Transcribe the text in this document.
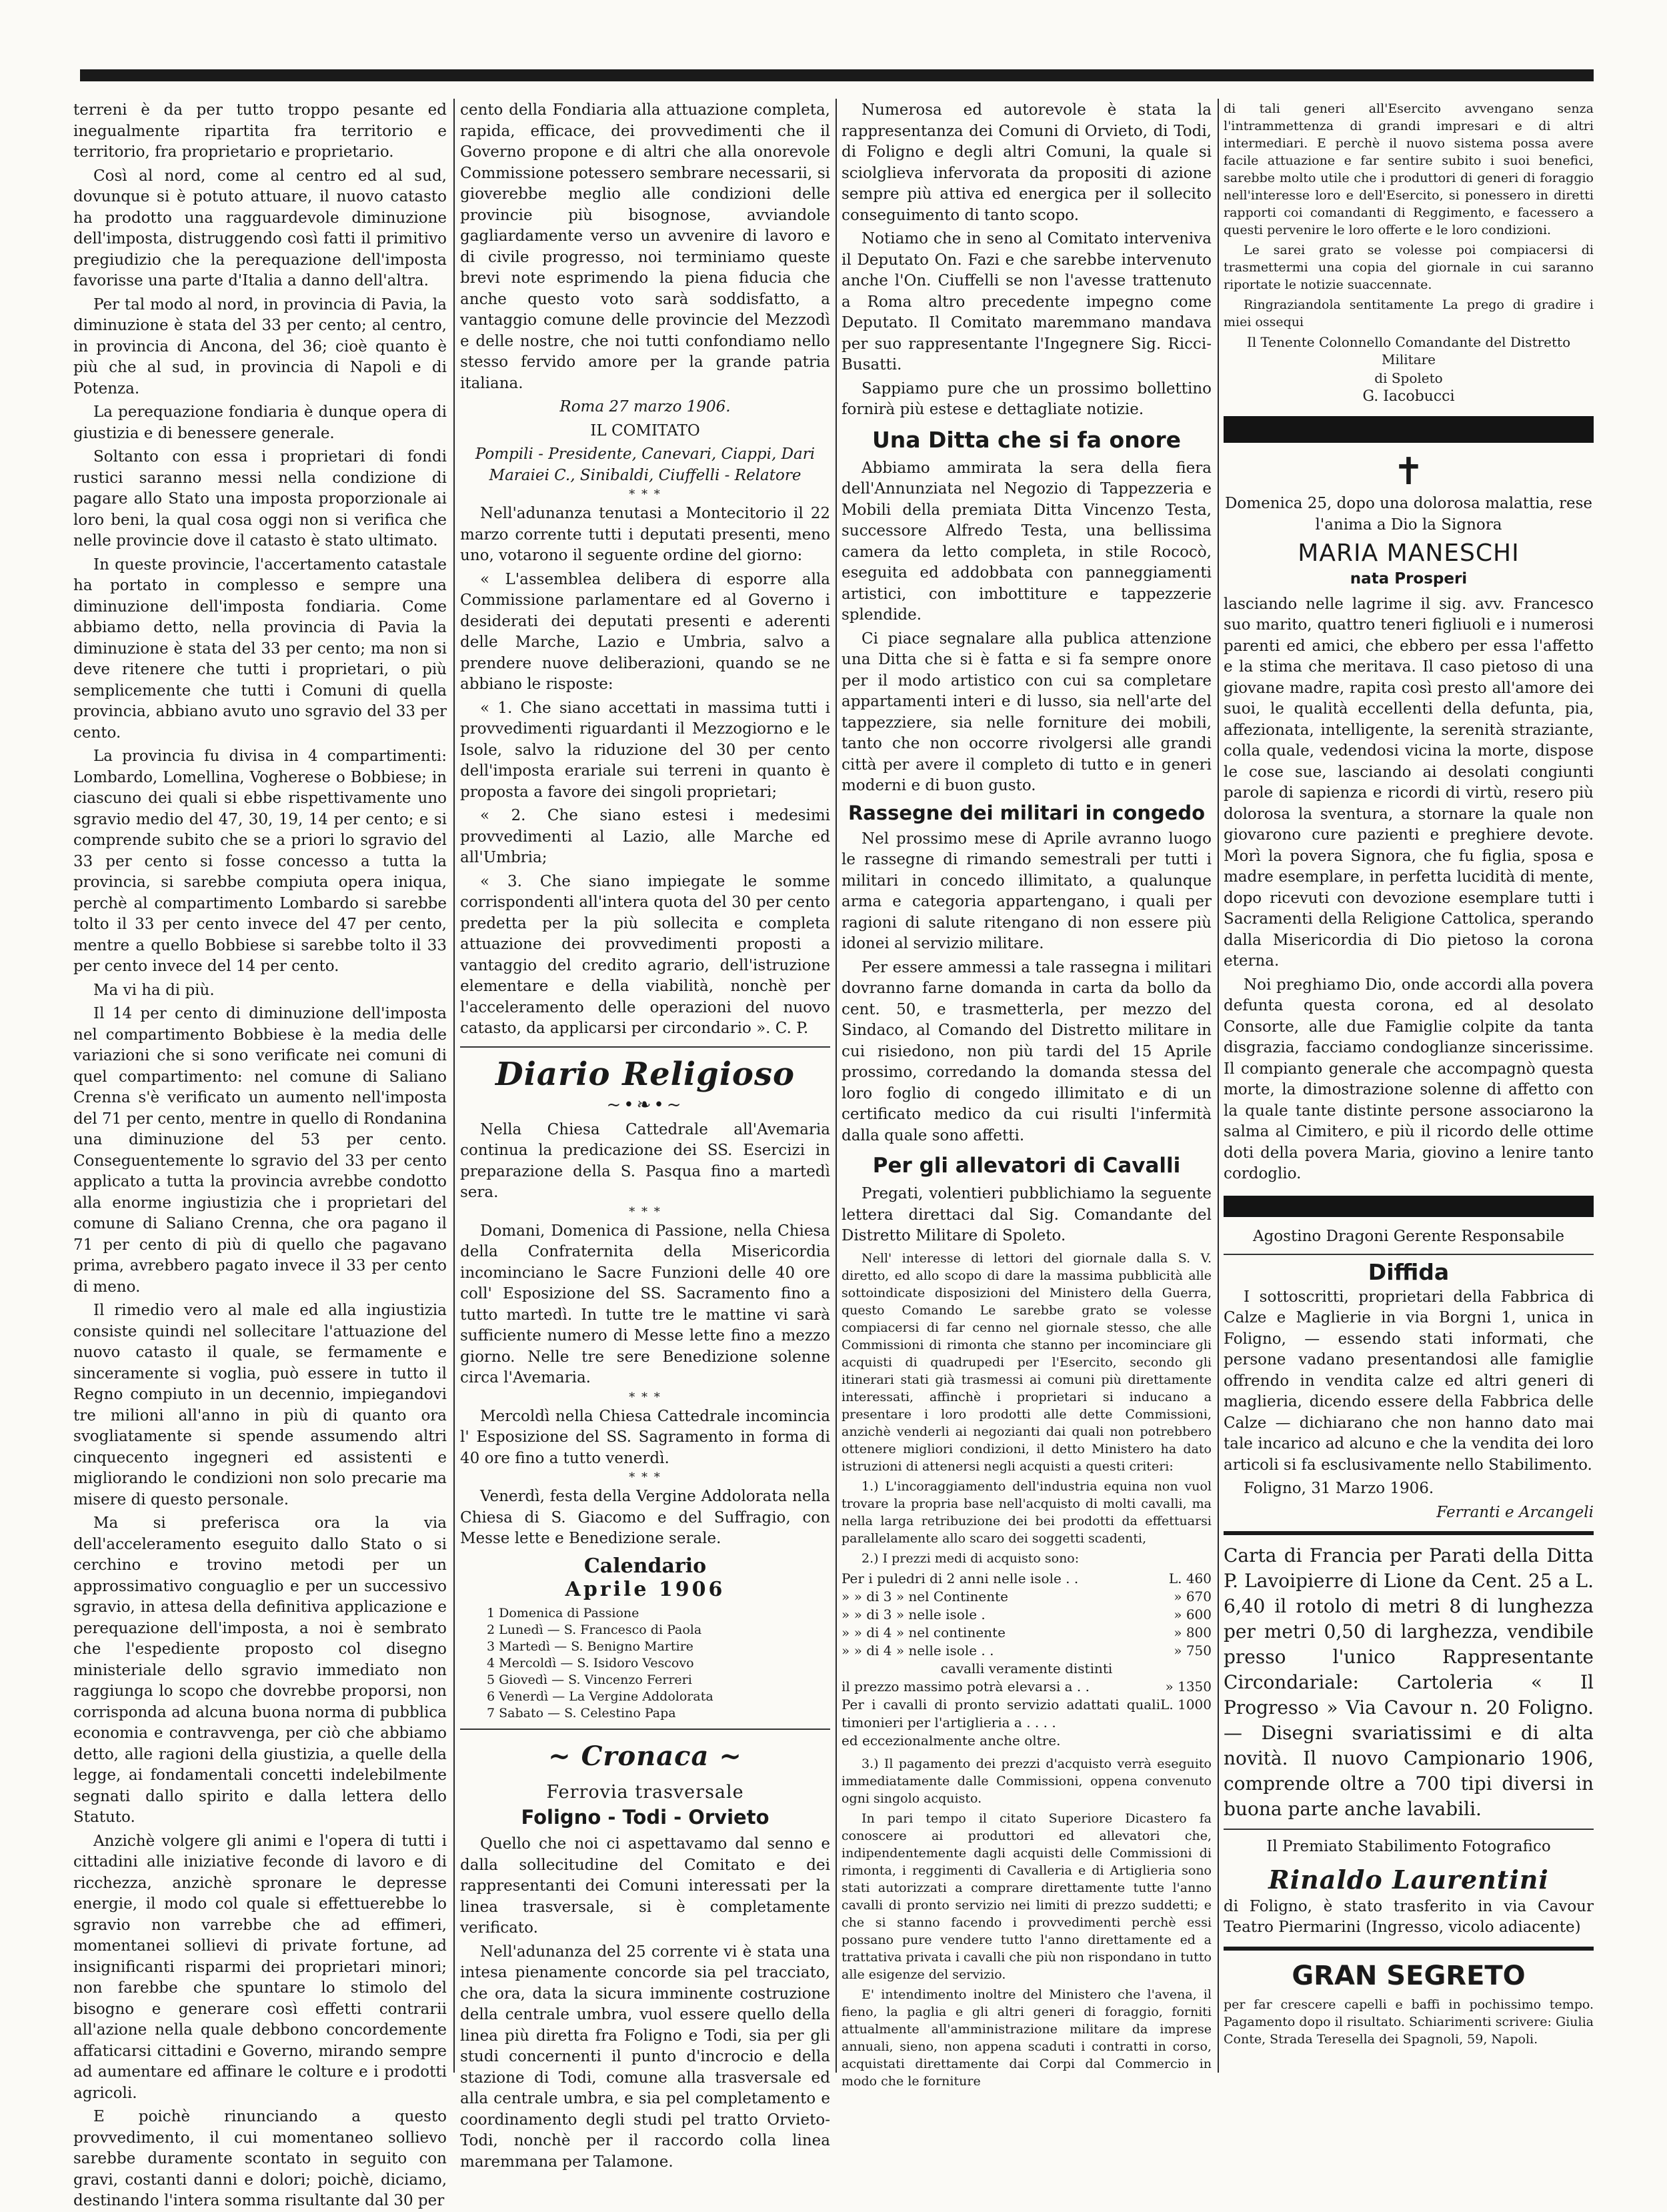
terreni è da per tutto troppo pesante ed inegualmente ripartita fra territorio e territorio, fra proprietario e proprietario.

Così al nord, come al centro ed al sud, dovunque si è potuto attuare, il nuovo catasto ha prodotto una ragguardevole diminuzione dell'imposta, distruggendo così fatti il primitivo pregiudizio che la perequazione dell'imposta favorisse una parte d'Italia a danno dell'altra.

Per tal modo al nord, in provincia di Pavia, la diminuzione è stata del 33 per cento; al centro, in provincia di Ancona, del 36; cioè quanto è più che al sud, in provincia di Napoli e di Potenza.

La perequazione fondiaria è dunque opera di giustizia e di benessere generale.

Soltanto con essa i proprietari di fondi rustici saranno messi nella condizione di pagare allo Stato una imposta proporzionale ai loro beni, la qual cosa oggi non si verifica che nelle provincie dove il catasto è stato ultimato.

In queste provincie, l'accertamento catastale ha portato in complesso e sempre una diminuzione dell'imposta fondiaria. Come abbiamo detto, nella provincia di Pavia la diminuzione è stata del 33 per cento; ma non si deve ritenere che tutti i proprietari, o più semplicemente che tutti i Comuni di quella provincia, abbiano avuto uno sgravio del 33 per cento.

La provincia fu divisa in 4 compartimenti: Lombardo, Lomellina, Vogherese o Bobbiese; in ciascuno dei quali si ebbe rispettivamente uno sgravio medio del 47, 30, 19, 14 per cento; e si comprende subito che se a priori lo sgravio del 33 per cento si fosse concesso a tutta la provincia, si sarebbe compiuta opera iniqua, perchè al compartimento Lombardo si sarebbe tolto il 33 per cento invece del 47 per cento, mentre a quello Bobbiese si sarebbe tolto il 33 per cento invece del 14 per cento.

Ma vi ha di più.

Il 14 per cento di diminuzione dell'imposta nel compartimento Bobbiese è la media delle variazioni che si sono verificate nei comuni di quel compartimento: nel comune di Saliano Crenna s'è verificato un aumento nell'imposta del 71 per cento, mentre in quello di Rondanina una diminuzione del 53 per cento. Conseguentemente lo sgravio del 33 per cento applicato a tutta la provincia avrebbe condotto alla enorme ingiustizia che i proprietari del comune di Saliano Crenna, che ora pagano il 71 per cento di più di quello che pagavano prima, avrebbero pagato invece il 33 per cento di meno.

Il rimedio vero al male ed alla ingiustizia consiste quindi nel sollecitare l'attuazione del nuovo catasto il quale, se fermamente e sinceramente si voglia, può essere in tutto il Regno compiuto in un decennio, impiegandovi tre milioni all'anno in più di quanto ora svogliatamente si spende assumendo altri cinquecento ingegneri ed assistenti e migliorando le condizioni non solo precarie ma misere di questo personale.

Ma si preferisca ora la via dell'acceleramento eseguito dallo Stato o si cerchino e trovino metodi per un approssimativo conguaglio e per un successivo sgravio, in attesa della definitiva applicazione e perequazione dell'imposta, a noi è sembrato che l'espediente proposto col disegno ministeriale dello sgravio immediato non raggiunga lo scopo che dovrebbe proporsi, non corrisponda ad alcuna buona norma di pubblica economia e contravvenga, per ciò che abbiamo detto, alle ragioni della giustizia, a quelle della legge, ai fondamentali concetti indelebilmente segnati dallo spirito e dalla lettera dello Statuto.

Anzichè volgere gli animi e l'opera di tutti i cittadini alle iniziative feconde di lavoro e di ricchezza, anzichè spronare le depresse energie, il modo col quale si effettuerebbe lo sgravio non varrebbe che ad effimeri, momentanei sollievi di private fortune, ad insignificanti risparmi dei proprietari minori; non farebbe che spuntare lo stimolo del bisogno e generare così effetti contrarii all'azione nella quale debbono concordemente affaticarsi cittadini e Governo, mirando sempre ad aumentare ed affinare le colture e i prodotti agricoli.

E poichè rinunciando a questo provvedimento, il cui momentaneo sollievo sarebbe duramente scontato in seguito con gravi, costanti danni e dolori; poichè, diciamo, destinando l'intera somma risultante dal 30 per

cento della Fondiaria alla attuazione completa, rapida, efficace, dei provvedimenti che il Governo propone e di altri che alla onorevole Commissione potessero sembrare necessarii, si gioverebbe meglio alle condizioni delle provincie più bisognose, avviandole gagliardamente verso un avvenire di lavoro e di civile progresso, noi terminiamo queste brevi note esprimendo la piena fiducia che anche questo voto sarà soddisfatto, a vantaggio comune delle provincie del Mezzodì e delle nostre, che noi tutti confondiamo nello stesso fervido amore per la grande patria italiana.

Roma 27 marzo 1906.

IL COMITATO

Pompili - Presidente, Canevari, Ciappi, Dari Maraiei C., Sinibaldi, Ciuffelli - Relatore

* * *

Nell'adunanza tenutasi a Montecitorio il 22 marzo corrente tutti i deputati presenti, meno uno, votarono il seguente ordine del giorno:

« L'assemblea delibera di esporre alla Commissione parlamentare ed al Governo i desiderati dei deputati presenti e aderenti delle Marche, Lazio e Umbria, salvo a prendere nuove deliberazioni, quando se ne abbiano le risposte:

« 1. Che siano accettati in massima tutti i provvedimenti riguardanti il Mezzogiorno e le Isole, salvo la riduzione del 30 per cento dell'imposta erariale sui terreni in quanto è proposta a favore dei singoli proprietari;

« 2. Che siano estesi i medesimi provvedimenti al Lazio, alle Marche ed all'Umbria;

« 3. Che siano impiegate le somme corrispondenti all'intera quota del 30 per cento predetta per la più sollecita e completa attuazione dei provvedimenti proposti a vantaggio del credito agrario, dell'istruzione elementare e della viabilità, nonchè per l'acceleramento delle operazioni del nuovo catasto, da applicarsi per circondario ». C. P.

Diario Religioso
~•❧•~

Nella Chiesa Cattedrale all'Avemaria continua la predicazione dei SS. Esercizi in preparazione della S. Pasqua fino a martedì sera.

* * *

Domani, Domenica di Passione, nella Chiesa della Confraternita della Misericordia incominciano le Sacre Funzioni delle 40 ore coll' Esposizione del SS. Sacramento fino a tutto martedì. In tutte tre le mattine vi sarà sufficiente numero di Messe lette fino a mezzo giorno. Nelle tre sere Benedizione solenne circa l'Avemaria.

* * *

Mercoldì nella Chiesa Cattedrale incomincia l' Esposizione del SS. Sagramento in forma di 40 ore fino a tutto venerdì.

* * *

Venerdì, festa della Vergine Addolorata nella Chiesa di S. Giacomo e del Suffragio, con Messe lette e Benedizione serale.

Calendario
Aprile 1906
1 Domenica di Passione
2 Lunedì — S. Francesco di Paola
3 Martedì — S. Benigno Martire
4 Mercoldì — S. Isidoro Vescovo
5 Giovedì — S. Vincenzo Ferreri
6 Venerdì — La Vergine Addolorata
7 Sabato — S. Celestino Papa
~ Cronaca ~
Ferrovia trasversale
Foligno - Todi - Orvieto

Quello che noi ci aspettavamo dal senno e dalla sollecitudine del Comitato e dei rappresentanti dei Comuni interessati per la linea trasversale, si è completamente verificato.

Nell'adunanza del 25 corrente vi è stata una intesa pienamente concorde sia pel tracciato, che ora, data la sicura imminente costruzione della centrale umbra, vuol essere quello della linea più diretta fra Foligno e Todi, sia per gli studi concernenti il punto d'incrocio e della stazione di Todi, comune alla trasversale ed alla centrale umbra, e sia pel completamento e coordinamento degli studi pel tratto Orvieto-Todi, nonchè per il raccordo colla linea maremmana per Talamone.

Numerosa ed autorevole è stata la rappresentanza dei Comuni di Orvieto, di Todi, di Foligno e degli altri Comuni, la quale si sciolglieva infervorata da propositi di azione sempre più attiva ed energica per il sollecito conseguimento di tanto scopo.

Notiamo che in seno al Comitato interveniva il Deputato On. Fazi e che sarebbe intervenuto anche l'On. Ciuffelli se non l'avesse trattenuto a Roma altro precedente impegno come Deputato. Il Comitato maremmano mandava per suo rappresentante l'Ingegnere Sig. Ricci-Busatti.

Sappiamo pure che un prossimo bollettino fornirà più estese e dettagliate notizie.

Una Ditta che si fa onore

Abbiamo ammirata la sera della fiera dell'Annunziata nel Negozio di Tappezzeria e Mobili della premiata Ditta Vincenzo Testa, successore Alfredo Testa, una bellissima camera da letto completa, in stile Rococò, eseguita ed addobbata con panneggiamenti artistici, con imbottiture e tappezzerie splendide.

Ci piace segnalare alla publica attenzione una Ditta che si è fatta e si fa sempre onore per il modo artistico con cui sa completare appartamenti interi e di lusso, sia nell'arte del tappezziere, sia nelle forniture dei mobili, tanto che non occorre rivolgersi alle grandi città per avere il completo di tutto e in generi moderni e di buon gusto.

Rassegne dei militari in congedo

Nel prossimo mese di Aprile avranno luogo le rassegne di rimando semestrali per tutti i militari in concedo illimitato, a qualunque arma e categoria appartengano, i quali per ragioni di salute ritengano di non essere più idonei al servizio militare.

Per essere ammessi a tale rassegna i militari dovranno farne domanda in carta da bollo da cent. 50, e trasmetterla, per mezzo del Sindaco, al Comando del Distretto militare in cui risiedono, non più tardi del 15 Aprile prossimo, corredando la domanda stessa del loro foglio di congedo illimitato e di un certificato medico da cui risulti l'infermità dalla quale sono affetti.

Per gli allevatori di Cavalli

Pregati, volentieri pubblichiamo la seguente lettera direttaci dal Sig. Comandante del Distretto Militare di Spoleto.

Nell' interesse di lettori del giornale dalla S. V. diretto, ed allo scopo di dare la massima pubblicità alle sottoindicate disposizioni del Ministero della Guerra, questo Comando Le sarebbe grato se volesse compiacersi di far cenno nel giornale stesso, che alle Commissioni di rimonta che stanno per incominciare gli acquisti di quadrupedi per l'Esercito, secondo gli itinerari stati già trasmessi ai comuni più direttamente interessati, affinchè i proprietari si inducano a presentare i loro prodotti alle dette Commissioni, anzichè venderli ai negozianti dai quali non potrebbero ottenere migliori condizioni, il detto Ministero ha dato istruzioni di attenersi negli acquisti a questi criteri:

1.) L'incoraggiamento dell'industria equina non vuol trovare la propria base nell'acquisto di molti cavalli, ma nella larga retribuzione dei bei prodotti da effettuarsi parallelamente allo scaro dei soggetti scadenti,

2.) I prezzi medi di acquisto sono:

Per i puledri di 2 anni nelle isole . .	L. 460
» » di 3 » nel Continente	» 670
» » di 3 » nelle isole .	» 600
» » di 4 » nel continente	» 800
» » di 4 » nelle isole . .	» 750
cavalli veramente distinti	
il prezzo massimo potrà elevarsi a . .	» 1350
Per i cavalli di pronto servizio adattati quali timonieri per l'artiglieria a . . . .	L. 1000
ed eccezionalmente anche oltre.	

3.) Il pagamento dei prezzi d'acquisto verrà eseguito immediatamente dalle Commissioni, oppena convenuto ogni singolo acquisto.

In pari tempo il citato Superiore Dicastero fa conoscere ai produttori ed allevatori che, indipendentemente dagli acquisti delle Commissioni di rimonta, i reggimenti di Cavalleria e di Artiglieria sono stati autorizzati a comprare direttamente tutte l'anno cavalli di pronto servizio nei limiti di prezzo suddetti; e che si stanno facendo i provvedimenti perchè essi possano pure vendere tutto l'anno direttamente ed a trattativa privata i cavalli che più non rispondano in tutto alle esigenze del servizio.

E' intendimento inoltre del Ministero che l'avena, il fieno, la paglia e gli altri generi di foraggio, forniti attualmente all'amministrazione militare da imprese annuali, sieno, non appena scaduti i contratti in corso, acquistati direttamente dai Corpi dal Commercio in modo che le forniture

di tali generi all'Esercito avvengano senza l'intrammettenza di grandi impresari e di altri intermediari. E perchè il nuovo sistema possa avere facile attuazione e far sentire subito i suoi benefici, sarebbe molto utile che i produttori di generi di foraggio nell'interesse loro e dell'Esercito, si ponessero in diretti rapporti coi comandanti di Reggimento, e facessero a questi pervenire le loro offerte e le loro condizioni.

Le sarei grato se volesse poi compiacersi di trasmettermi una copia del giornale in cui saranno riportate le notizie suaccennate.

Ringraziandola sentitamente La prego di gradire i miei ossequi

Il Tenente Colonnello Comandante del Distretto Militare
di Spoleto
G. Iacobucci
✝

Domenica 25, dopo una dolorosa malattia, rese l'anima a Dio la Signora

MARIA MANESCHI
nata Prosperi

lasciando nelle lagrime il sig. avv. Francesco suo marito, quattro teneri figliuoli e i numerosi parenti ed amici, che ebbero per essa l'affetto e la stima che meritava. Il caso pietoso di una giovane madre, rapita così presto all'amore dei suoi, le qualità eccellenti della defunta, pia, affezionata, intelligente, la serenità straziante, colla quale, vedendosi vicina la morte, dispose le cose sue, lasciando ai desolati congiunti parole di sapienza e ricordi di virtù, resero più dolorosa la sventura, a stornare la quale non giovarono cure pazienti e preghiere devote. Morì la povera Signora, che fu figlia, sposa e madre esemplare, in perfetta lucidità di mente, dopo ricevuti con devozione esemplare tutti i Sacramenti della Religione Cattolica, sperando dalla Misericordia di Dio pietoso la corona eterna.

Noi preghiamo Dio, onde accordi alla povera defunta questa corona, ed al desolato Consorte, alle due Famiglie colpite da tanta disgrazia, facciamo condoglianze sincerissime. Il compianto generale che accompagnò questa morte, la dimostrazione solenne di affetto con la quale tante distinte persone associarono la salma al Cimitero, e più il ricordo delle ottime doti della povera Maria, giovino a lenire tanto cordoglio.

Agostino Dragoni Gerente Responsabile

Diffida

I sottoscritti, proprietari della Fabbrica di Calze e Maglierie in via Borgni 1, unica in Foligno, — essendo stati informati, che persone vadano presentandosi alle famiglie offrendo in vendita calze ed altri generi di maglieria, dicendo essere della Fabbrica delle Calze — dichiarano che non hanno dato mai tale incarico ad alcuno e che la vendita dei loro articoli si fa esclusivamente nello Stabilimento.

Foligno, 31 Marzo 1906.

Ferranti e Arcangeli

Carta di Francia per Parati della Ditta P. Lavoipierre di Lione da Cent. 25 a L. 6,40 il rotolo di metri 8 di lunghezza per metri 0,50 di larghezza, vendibile presso l'unico Rappresentante Circondariale: Cartoleria « Il Progresso » Via Cavour n. 20 Foligno. — Disegni svariatissimi e di alta novità. Il nuovo Campionario 1906, comprende oltre a 700 tipi diversi in buona parte anche lavabili.

Il Premiato Stabilimento Fotografico

Rinaldo Laurentini

di Foligno, è stato trasferito in via Cavour Teatro Piermarini (Ingresso, vicolo adiacente)

GRAN SEGRETO

per far crescere capelli e baffi in pochissimo tempo. Pagamento dopo il risultato. Schiarimenti scrivere: Giulia Conte, Strada Teresella dei Spagnoli, 59, Napoli.
